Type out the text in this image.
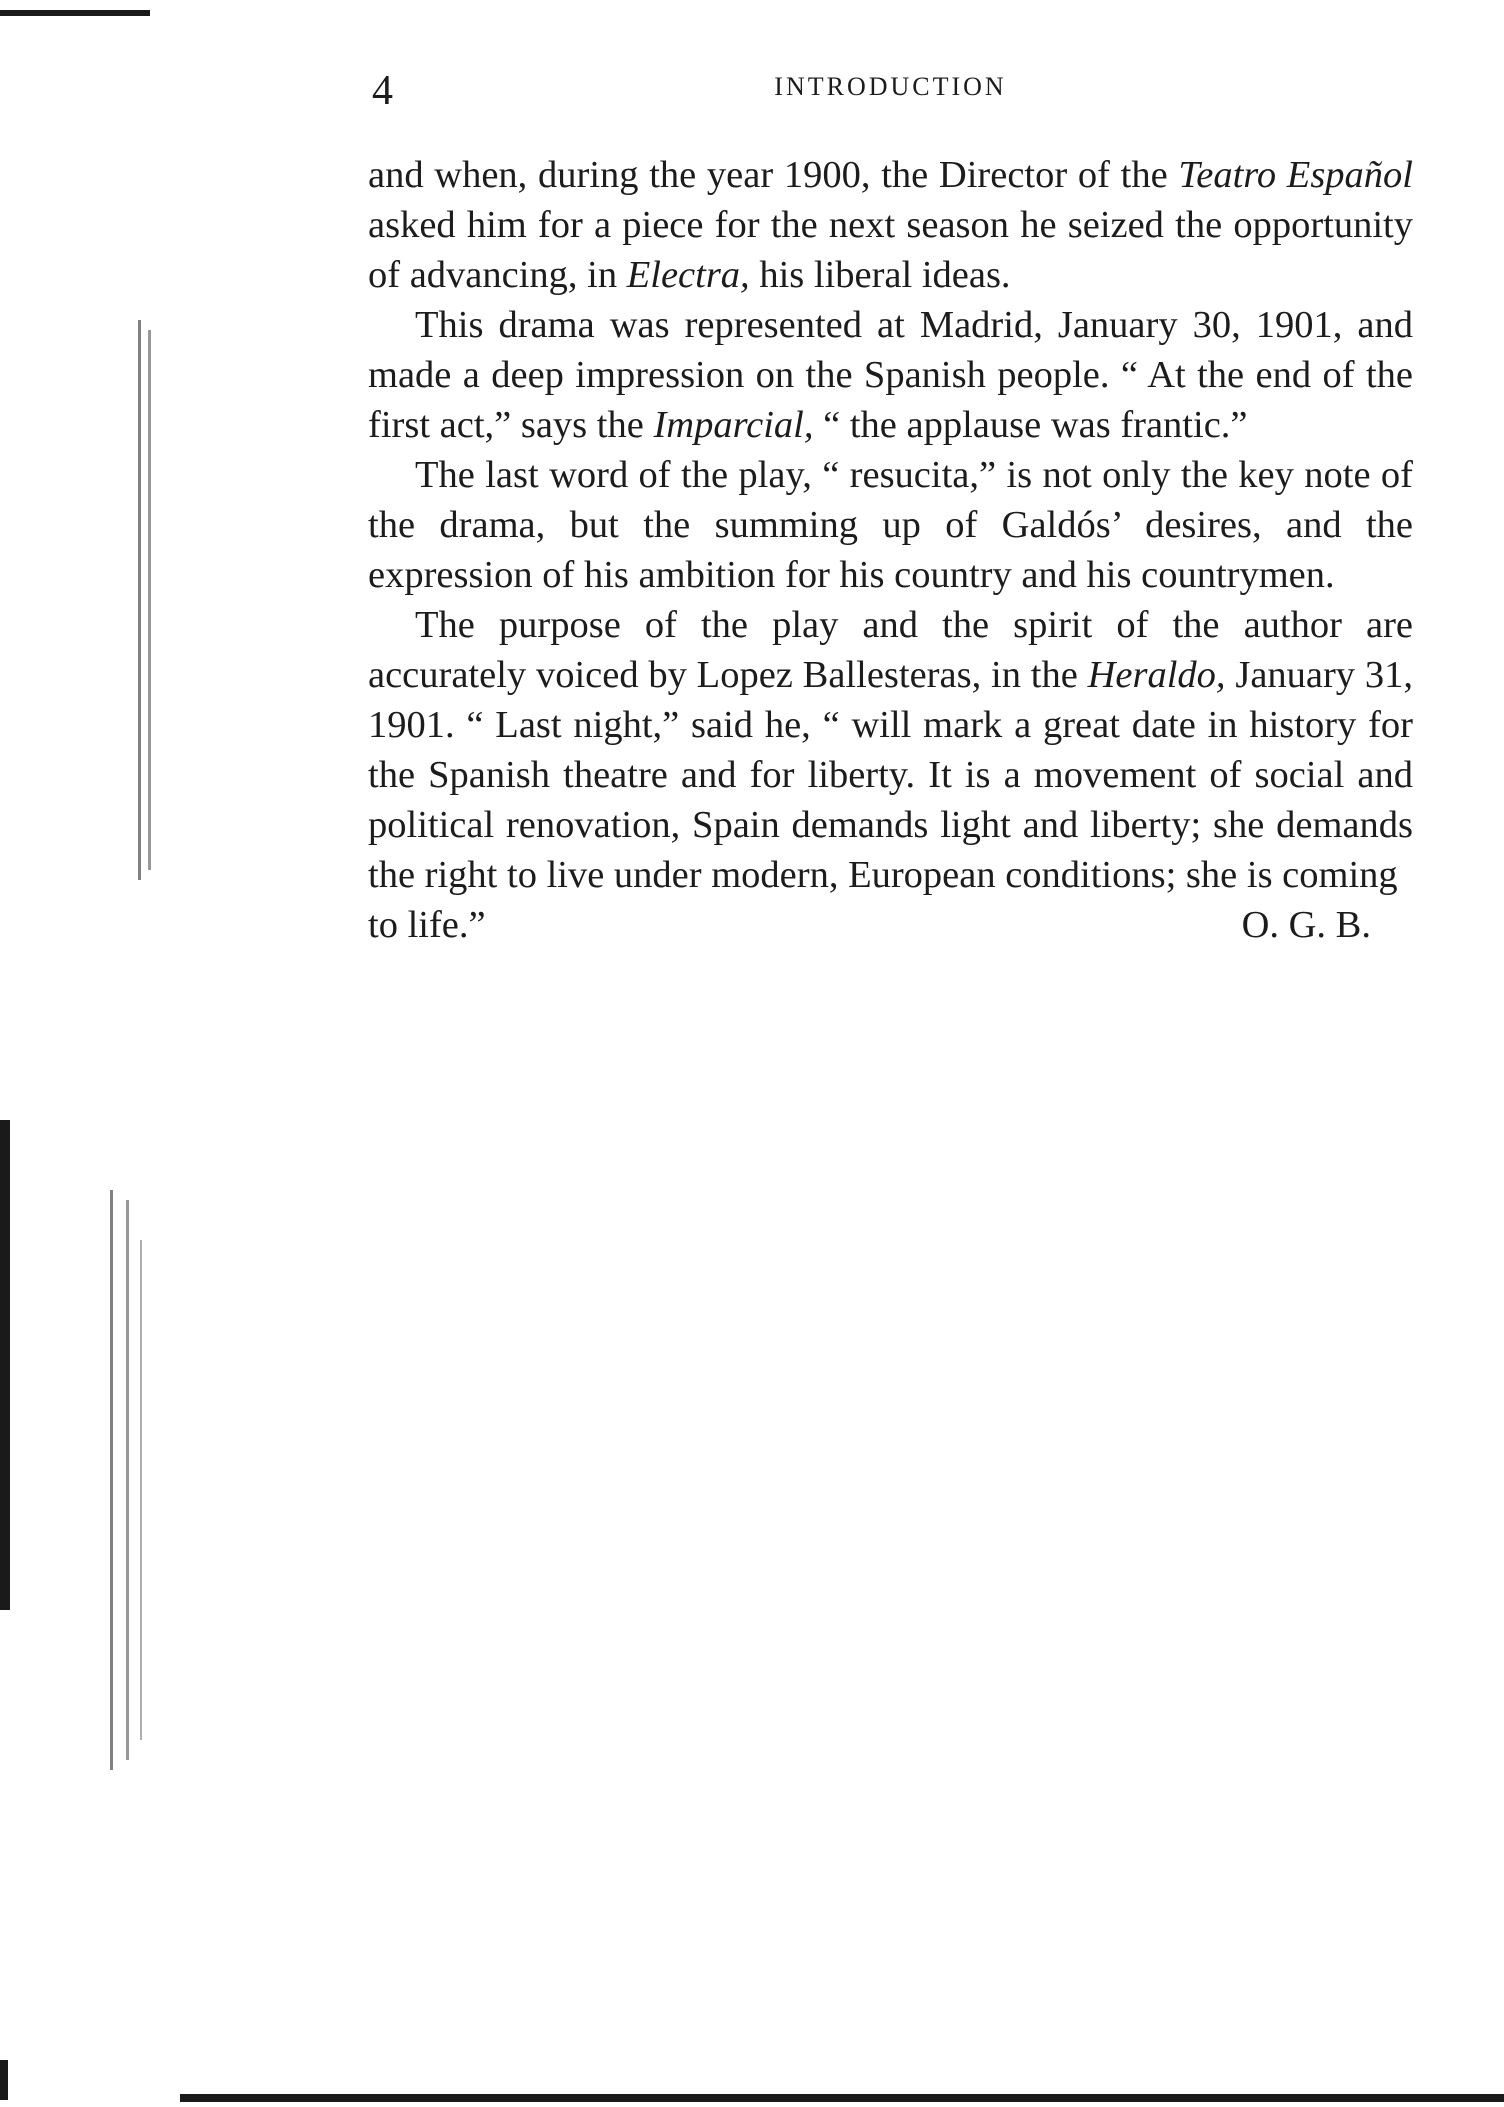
4	INTRODUCTION

and when, during the year 1900, the Director of the Teatro Español asked him for a piece for the next season he seized the opportunity of advancing, in Electra, his liberal ideas.

This drama was represented at Madrid, January 30, 1901, and made a deep impression on the Spanish people. “ At the end of the first act,” says the Imparcial, “ the applause was frantic.”

The last word of the play, “ resucita,” is not only the key note of the drama, but the summing up of Galdós’ desires, and the expression of his ambition for his country and his countrymen.

The purpose of the play and the spirit of the author are accurately voiced by Lopez Ballesteras, in the Heraldo, January 31, 1901. “ Last night,” said he, “ will mark a great date in history for the Spanish theatre and for liberty. It is a movement of social and political renovation, Spain demands light and liberty; she demands the right to live under modern, European conditions; she is coming

to life.”	O. G. B.
